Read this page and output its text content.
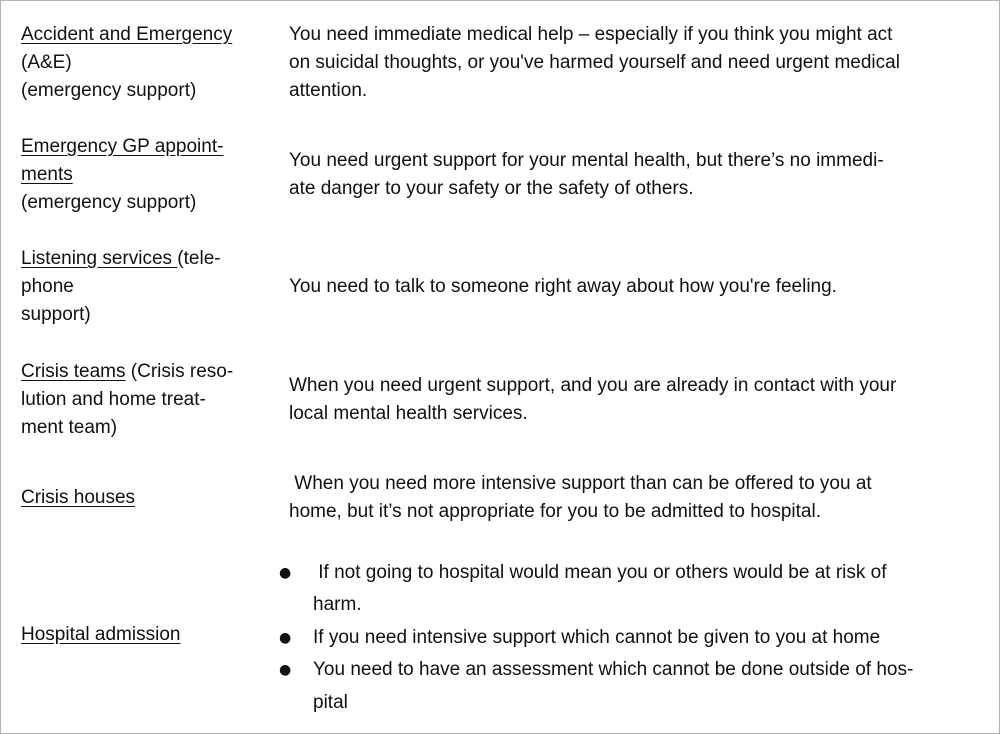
Accident and Emergency
(A&E)
(emergency support)
You need immediate medical help – especially if you think you might act
on suicidal thoughts, or you've harmed yourself and need urgent medical
attention.
Emergency GP appoint-
ments
(emergency support)
You need urgent support for your mental health, but there’s no immedi-
ate danger to your safety or the safety of others.
Listening services (tele-
phone
support)
You need to talk to someone right away about how you're feeling.
Crisis teams (Crisis reso-
lution and home treat-
ment team)
When you need urgent support, and you are already in contact with your
local mental health services.
Crisis houses
When you need more intensive support than can be offered to you at
home, but it’s not appropriate for you to be admitted to hospital.
Hospital admission
● If not going to hospital would mean you or others would be at risk of
harm.
● If you need intensive support which cannot be given to you at home
● You need to have an assessment which cannot be done outside of hos-
pital
